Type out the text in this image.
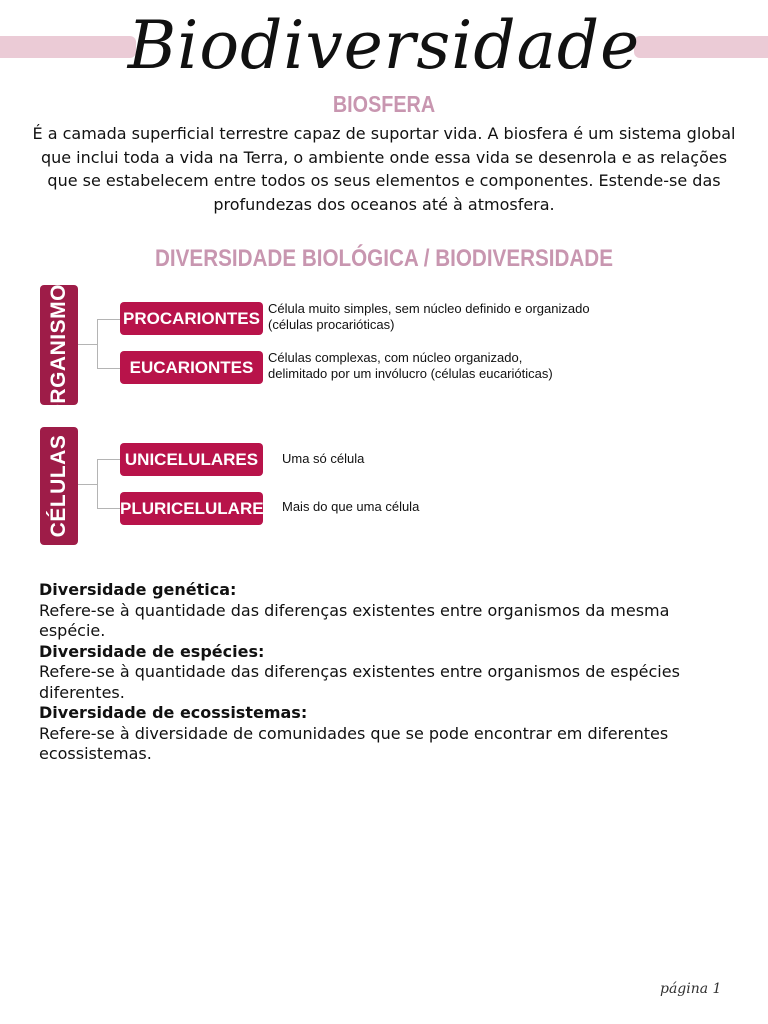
Biodiversidade
BIOSFERA

É a camada superficial terrestre capaz de suportar vida. A biosfera é um sistema global que inclui toda a vida na Terra, o ambiente onde essa vida se desenrola e as relações que se estabelecem entre todos os seus elementos e componentes. Estende-se das profundezas dos oceanos até à atmosfera.

DIVERSIDADE BIOLÓGICA / BIODIVERSIDADE
ORGANISMOS	PROCARIONTES
EUCARIONTES

Célula muito simples, sem núcleo definido e organizado
(células procarióticas)

Células complexas, com núcleo organizado,
delimitado por um invólucro (células eucarióticas)

CÉLULAS	UNICELULARES
PLURICELULARES

Uma só célula

Mais do que uma célula

Diversidade genética:

Refere-se à quantidade das diferenças existentes entre organismos da mesma espécie.

Diversidade de espécies:

Refere-se à quantidade das diferenças existentes entre organismos de espécies diferentes.

Diversidade de ecossistemas:

Refere-se à diversidade de comunidades que se pode encontrar em diferentes ecossistemas.

página 1
